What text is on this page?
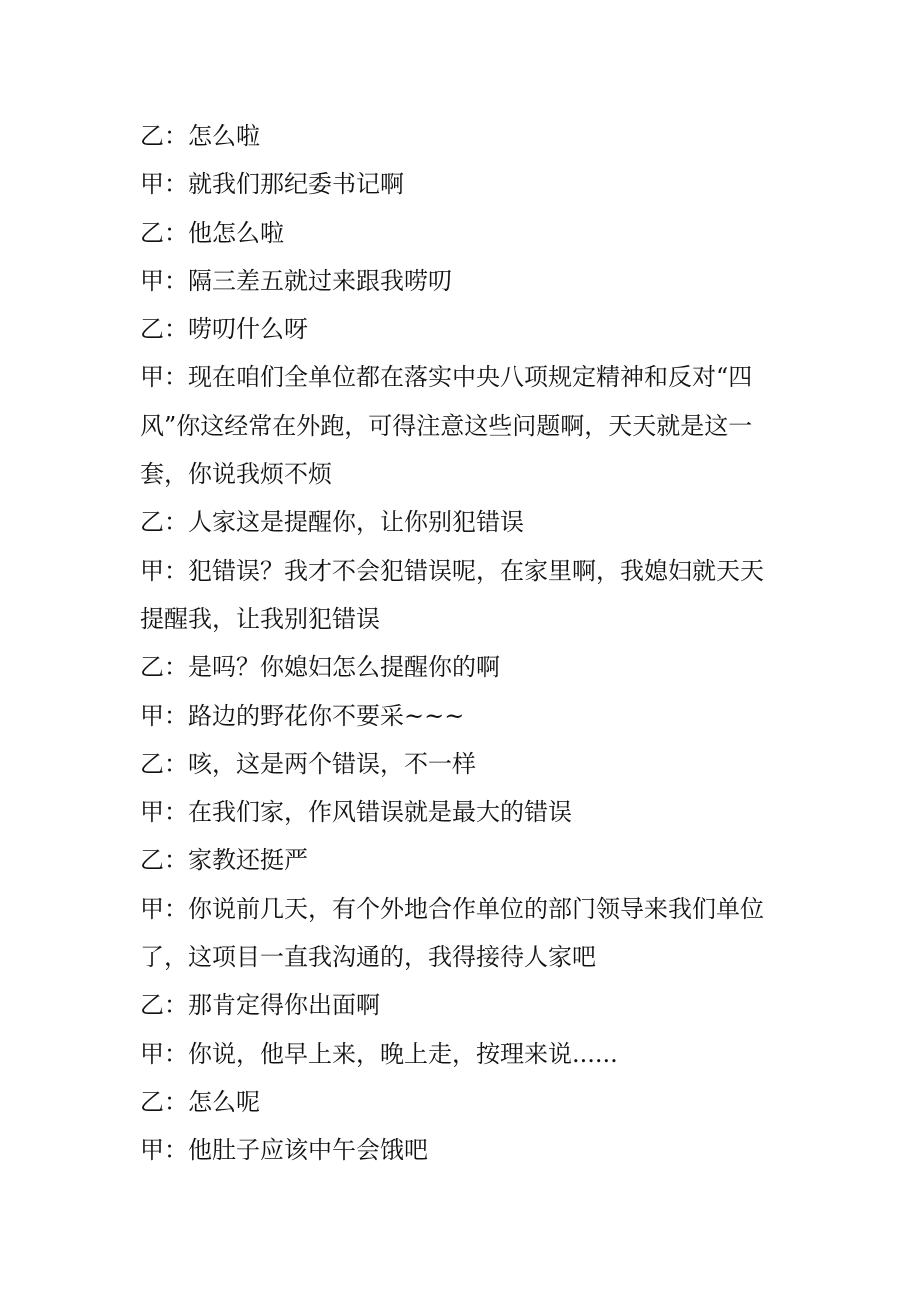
乙：怎么啦

甲：就我们那纪委书记啊

乙：他怎么啦

甲：隔三差五就过来跟我唠叨

乙：唠叨什么呀

甲：现在咱们全单位都在落实中央八项规定精神和反对“四风”你这经常在外跑，可得注意这些问题啊，天天就是这一套，你说我烦不烦

乙：人家这是提醒你，让你别犯错误

甲：犯错误？我才不会犯错误呢，在家里啊，我媳妇就天天提醒我，让我别犯错误

乙：是吗？你媳妇怎么提醒你的啊

甲：路边的野花你不要采~~~

乙：咳，这是两个错误，不一样

甲：在我们家，作风错误就是最大的错误

乙：家教还挺严

甲：你说前几天，有个外地合作单位的部门领导来我们单位了，这项目一直我沟通的，我得接待人家吧

乙：那肯定得你出面啊

甲：你说，他早上来，晚上走，按理来说......

乙：怎么呢

甲：他肚子应该中午会饿吧
